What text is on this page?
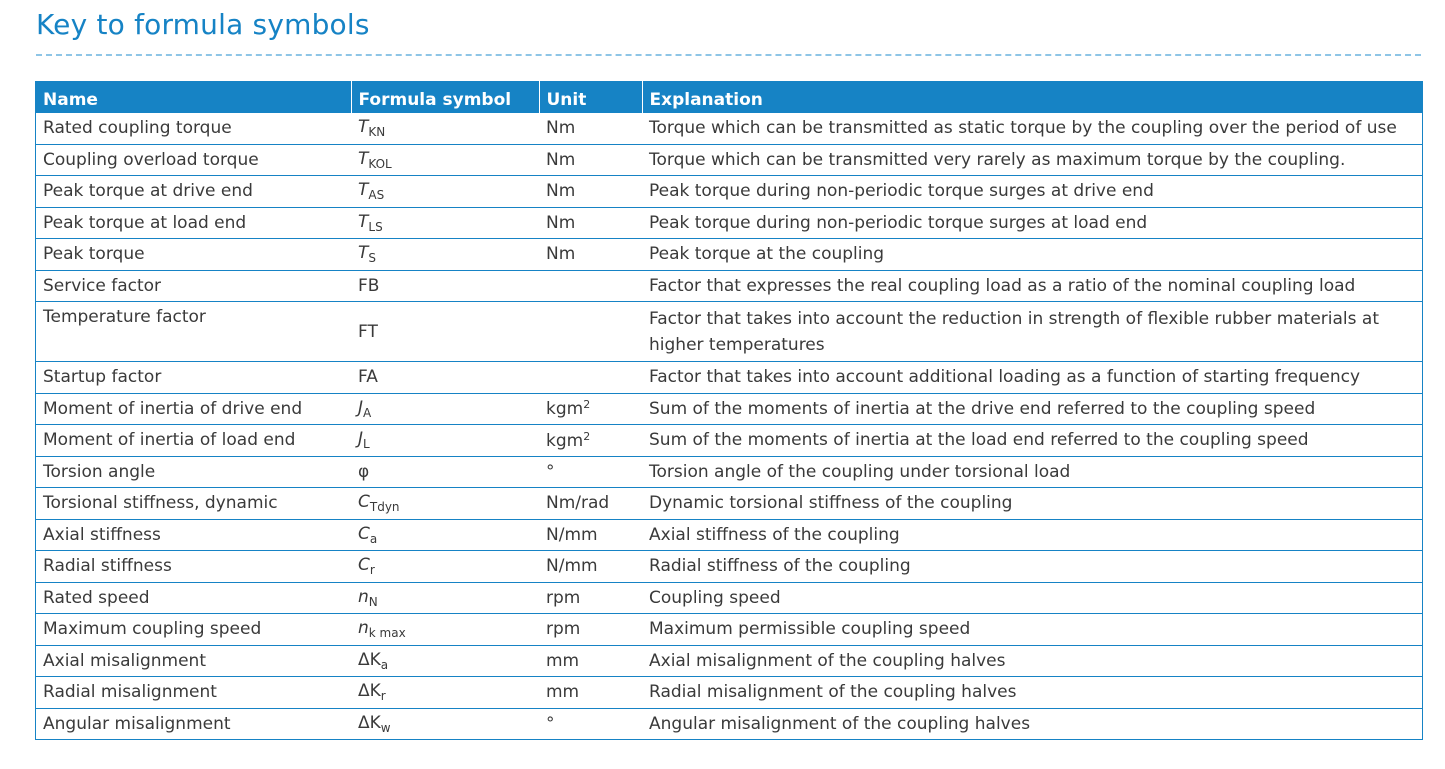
Key to formula symbols
Name	Formula symbol	Unit	Explanation
Rated coupling torque	$T_{KN}$	Nm	Torque which can be transmitted as static torque by the coupling over the period of use
Coupling overload torque	$T_{KOL}$	Nm	Torque which can be transmitted very rarely as maximum torque by the coupling.
Peak torque at drive end	$T_{AS}$	Nm	Peak torque during non-periodic torque surges at drive end
Peak torque at load end	$T_{LS}$	Nm	Peak torque during non-periodic torque surges at load end
Peak torque	$T_S$	Nm	Peak torque at the coupling
Service factor	FB		Factor that expresses the real coupling load as a ratio of the nominal coupling load
Temperature factor	FT		Factor that takes into account the reduction in strength of flexible rubber materials at higher temperatures
Startup factor	FA		Factor that takes into account additional loading as a function of starting frequency
Moment of inertia of drive end	$J_A$	kgm$^2$	Sum of the moments of inertia at the drive end referred to the coupling speed
Moment of inertia of load end	$J_L$	kgm$^2$	Sum of the moments of inertia at the load end referred to the coupling speed
Torsion angle	φ	°	Torsion angle of the coupling under torsional load
Torsional stiffness, dynamic	$C_{Tdyn}$	Nm/rad	Dynamic torsional stiffness of the coupling
Axial stiffness	$C_a$	N/mm	Axial stiffness of the coupling
Radial stiffness	$C_r$	N/mm	Radial stiffness of the coupling
Rated speed	$n_N$	rpm	Coupling speed
Maximum coupling speed	$n_{k max}$	rpm	Maximum permissible coupling speed
Axial misalignment	$\Delta K_a$	mm	Axial misalignment of the coupling halves
Radial misalignment	$\Delta K_r$	mm	Radial misalignment of the coupling halves
Angular misalignment	$\Delta K_w$	°	Angular misalignment of the coupling halves
